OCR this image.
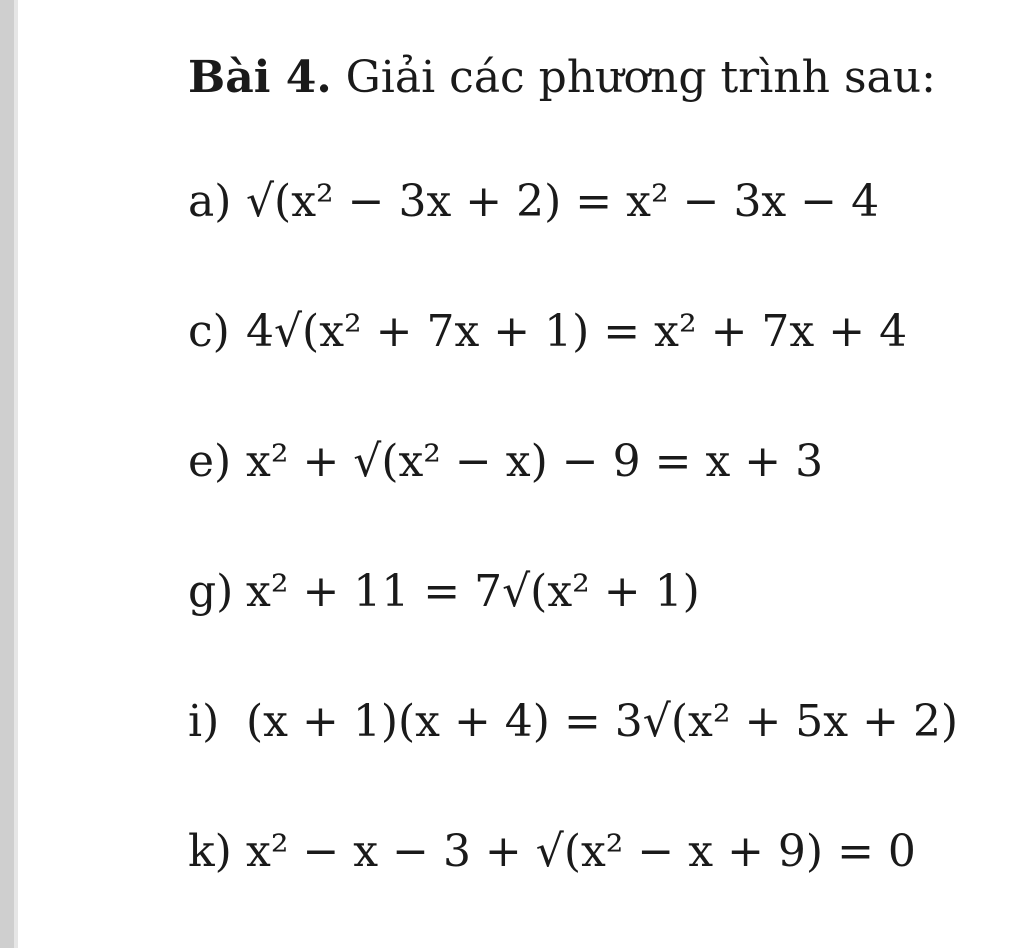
Bài 4. Giải các phương trình sau:
a) √(x² − 3x + 2) = x² − 3x − 4
c) 4√(x² + 7x + 1) = x² + 7x + 4
e) x² + √(x² − x) − 9 = x + 3
g) x² + 11 = 7√(x² + 1)
i) (x + 1)(x + 4) = 3√(x² + 5x + 2)
k) x² − x − 3 + √(x² − x + 9) = 0
